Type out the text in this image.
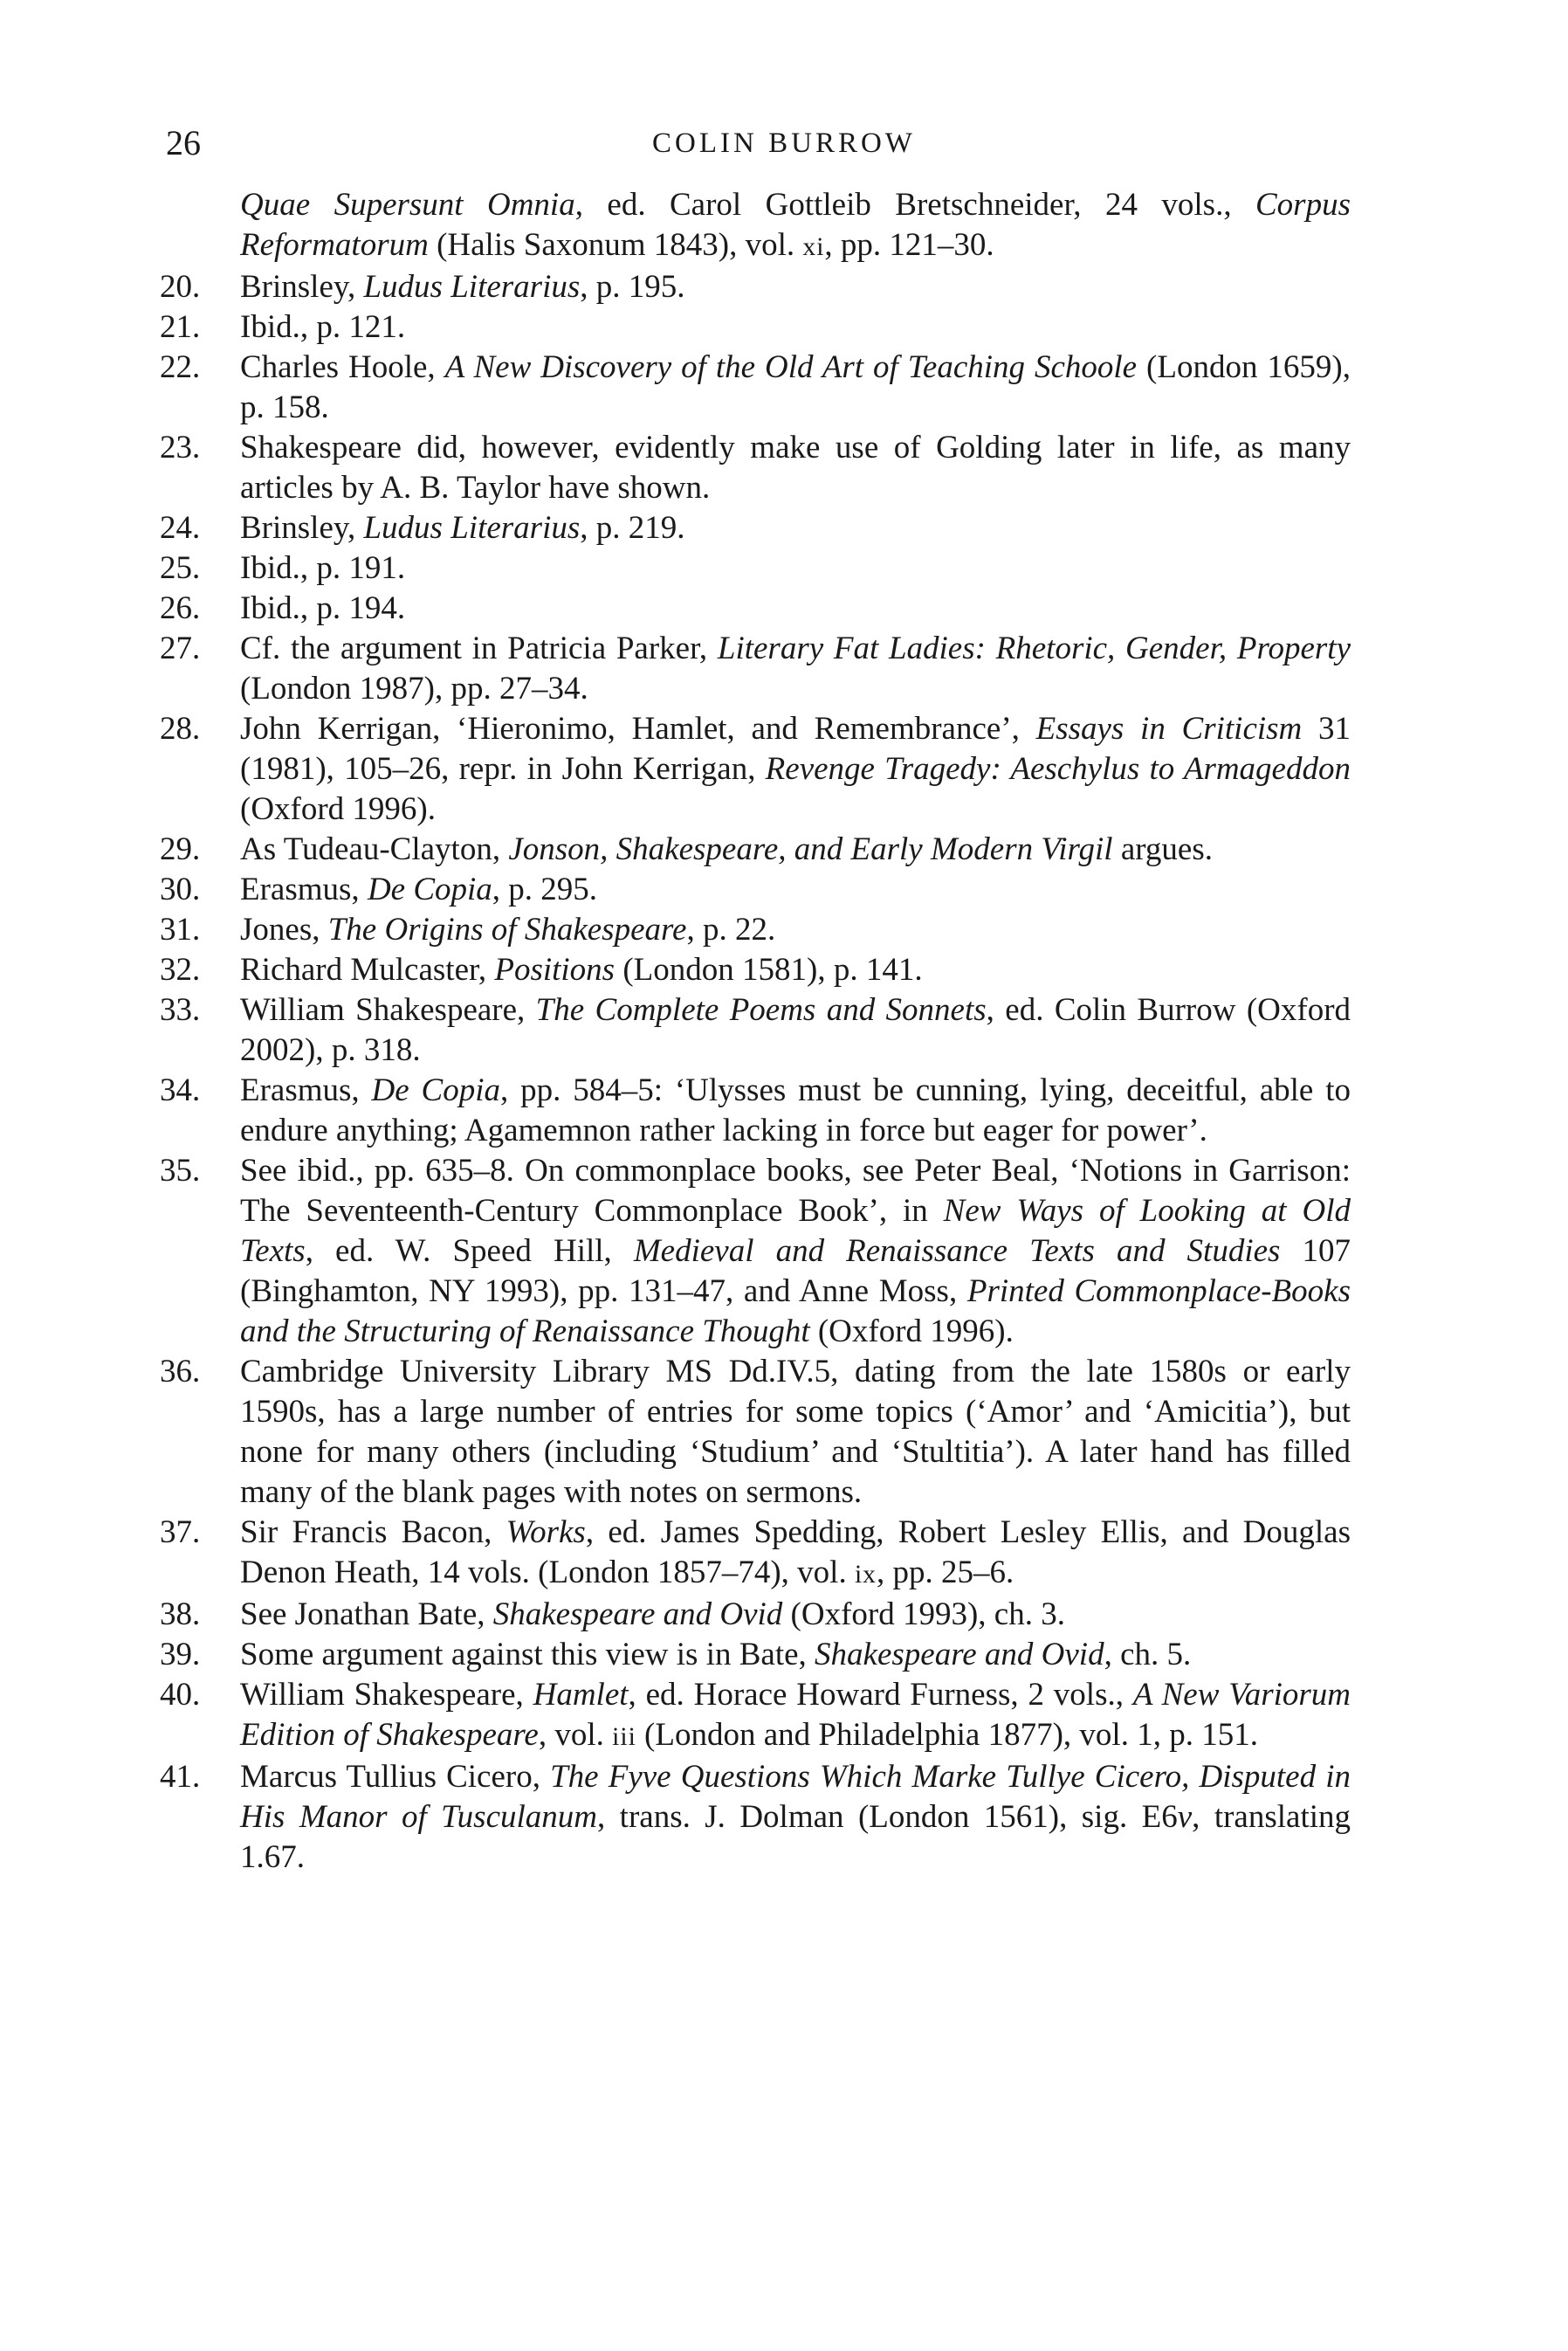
26	COLIN BURROW
Quae Supersunt Omnia, ed. Carol Gottleib Bretschneider, 24 vols., Corpus Reformatorum (Halis Saxonum 1843), vol. xi, pp. 121–30.
20.	Brinsley, Ludus Literarius, p. 195.
21.	Ibid., p. 121.
22.	Charles Hoole, A New Discovery of the Old Art of Teaching Schoole (London 1659), p. 158.
23.	Shakespeare did, however, evidently make use of Golding later in life, as many articles by A. B. Taylor have shown.
24.	Brinsley, Ludus Literarius, p. 219.
25.	Ibid., p. 191.
26.	Ibid., p. 194.
27.	Cf. the argument in Patricia Parker, Literary Fat Ladies: Rhetoric, Gender, Property (London 1987), pp. 27–34.
28.	John Kerrigan, ‘Hieronimo, Hamlet, and Remembrance’, Essays in Criticism 31 (1981), 105–26, repr. in John Kerrigan, Revenge Tragedy: Aeschylus to Armageddon (Oxford 1996).
29.	As Tudeau-Clayton, Jonson, Shakespeare, and Early Modern Virgil argues.
30.	Erasmus, De Copia, p. 295.
31.	Jones, The Origins of Shakespeare, p. 22.
32.	Richard Mulcaster, Positions (London 1581), p. 141.
33.	William Shakespeare, The Complete Poems and Sonnets, ed. Colin Burrow (Oxford 2002), p. 318.
34.	Erasmus, De Copia, pp. 584–5: ‘Ulysses must be cunning, lying, deceitful, able to endure anything; Agamemnon rather lacking in force but eager for power’.
35.	See ibid., pp. 635–8. On commonplace books, see Peter Beal, ‘Notions in Garrison: The Seventeenth-Century Commonplace Book’, in New Ways of Looking at Old Texts, ed. W. Speed Hill, Medieval and Renaissance Texts and Studies 107 (Binghamton, NY 1993), pp. 131–47, and Anne Moss, Printed Commonplace-Books and the Structuring of Renaissance Thought (Oxford 1996).
36.	Cambridge University Library MS Dd.IV.5, dating from the late 1580s or early 1590s, has a large number of entries for some topics (‘Amor’ and ‘Amicitia’), but none for many others (including ‘Studium’ and ‘Stultitia’). A later hand has filled many of the blank pages with notes on sermons.
37.	Sir Francis Bacon, Works, ed. James Spedding, Robert Lesley Ellis, and Douglas Denon Heath, 14 vols. (London 1857–74), vol. ix, pp. 25–6.
38.	See Jonathan Bate, Shakespeare and Ovid (Oxford 1993), ch. 3.
39.	Some argument against this view is in Bate, Shakespeare and Ovid, ch. 5.
40.	William Shakespeare, Hamlet, ed. Horace Howard Furness, 2 vols., A New Variorum Edition of Shakespeare, vol. iii (London and Philadelphia 1877), vol. 1, p. 151.
41.	Marcus Tullius Cicero, The Fyve Questions Which Marke Tullye Cicero, Disputed in His Manor of Tusculanum, trans. J. Dolman (London 1561), sig. E6v, translating 1.67.
